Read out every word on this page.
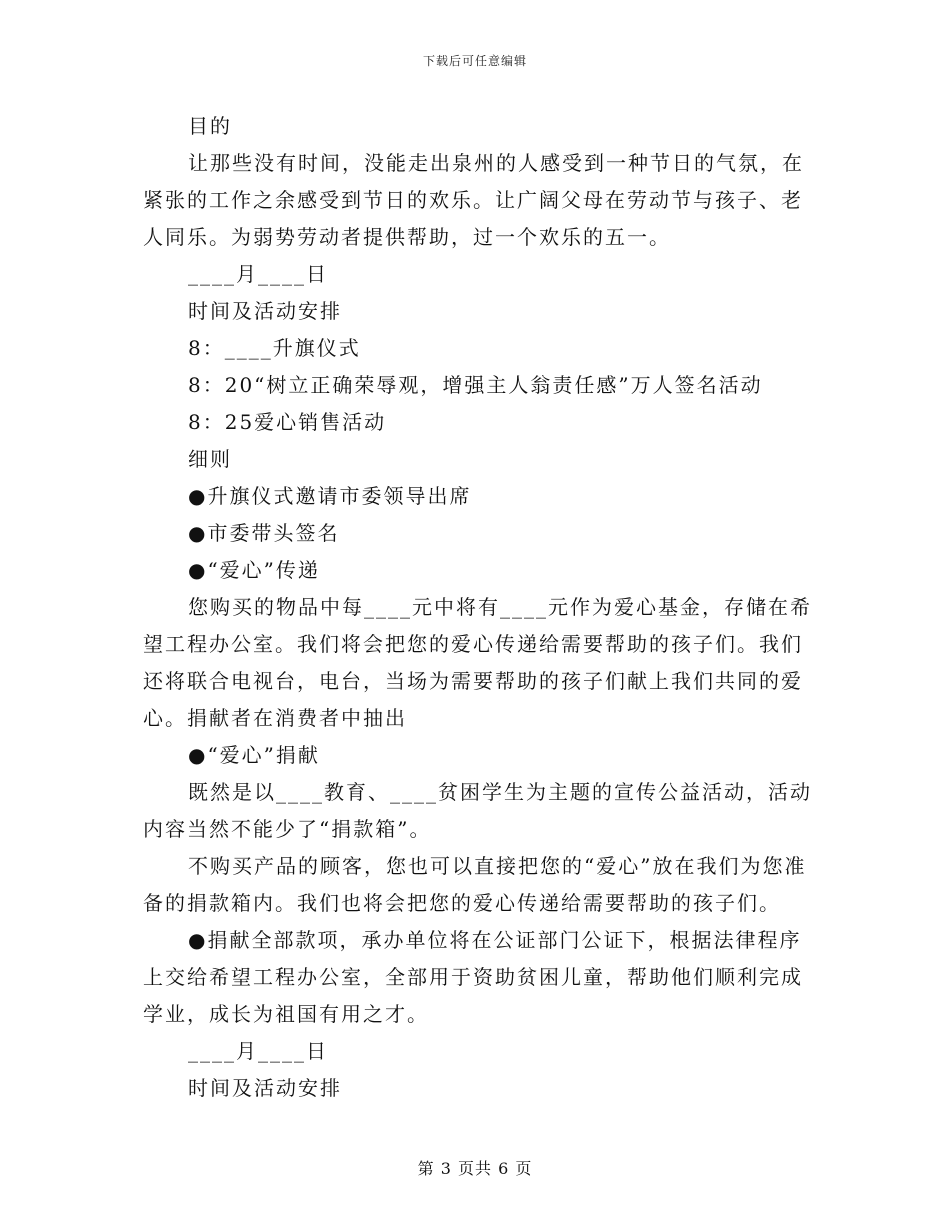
下载后可任意编辑
目的

让那些没有时间，没能走出泉州的人感受到一种节日的气氛，在紧张的工作之余感受到节日的欢乐。让广阔父母在劳动节与孩子、老人同乐。为弱势劳动者提供帮助，过一个欢乐的五一。

____月____日
时间及活动安排
8：____升旗仪式
8：20“树立正确荣辱观，增强主人翁责任感”万人签名活动
8：25爱心销售活动
细则
●升旗仪式邀请市委领导出席
●市委带头签名
●“爱心”传递

您购买的物品中每____元中将有____元作为爱心基金，存储在希望工程办公室。我们将会把您的爱心传递给需要帮助的孩子们。我们还将联合电视台，电台，当场为需要帮助的孩子们献上我们共同的爱心。捐献者在消费者中抽出

●“爱心”捐献

既然是以____教育、____贫困学生为主题的宣传公益活动，活动内容当然不能少了“捐款箱”。

不购买产品的顾客，您也可以直接把您的“爱心”放在我们为您准备的捐款箱内。我们也将会把您的爱心传递给需要帮助的孩子们。

●捐献全部款项，承办单位将在公证部门公证下，根据法律程序上交给希望工程办公室，全部用于资助贫困儿童，帮助他们顺利完成学业，成长为祖国有用之才。

____月____日
时间及活动安排
第 3 页共 6 页
